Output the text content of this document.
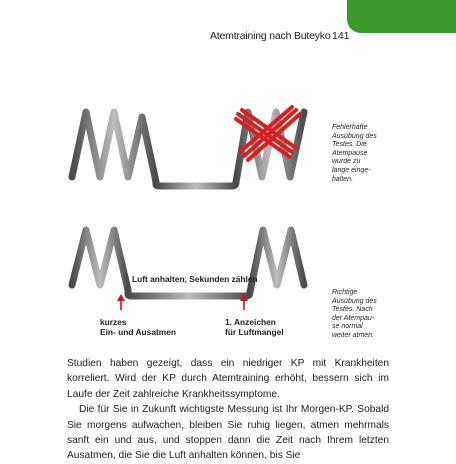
Atemtraining nach Buteyko 141
Luft anhalten, Sekunden zählen
kurzes
Ein- und Ausatmen
1. Anzeichen
für Luftmangel
Fehlerhafte
Ausübung des
Testes. Die
Atempause
wurde zu
lange einge-
halten.
Richtige
Ausübung des
Testes. Nach
der Atempau-
se normal
weiter atmen.

Studien haben gezeigt, dass ein niedriger KP mit Krankheiten korreliert. Wird der KP durch Atemtraining erhöht, bessern sich im Laufe der Zeit zahlreiche Krankheitssymptome.

Die für Sie in Zukunft wichtigste Messung ist Ihr Morgen-KP. Sobald Sie morgens aufwachen, bleiben Sie ruhig liegen, atmen mehrmals sanft ein und aus, und stoppen dann die Zeit nach Ihrem letzten Ausatmen, die Sie die Luft anhalten können, bis Sie
